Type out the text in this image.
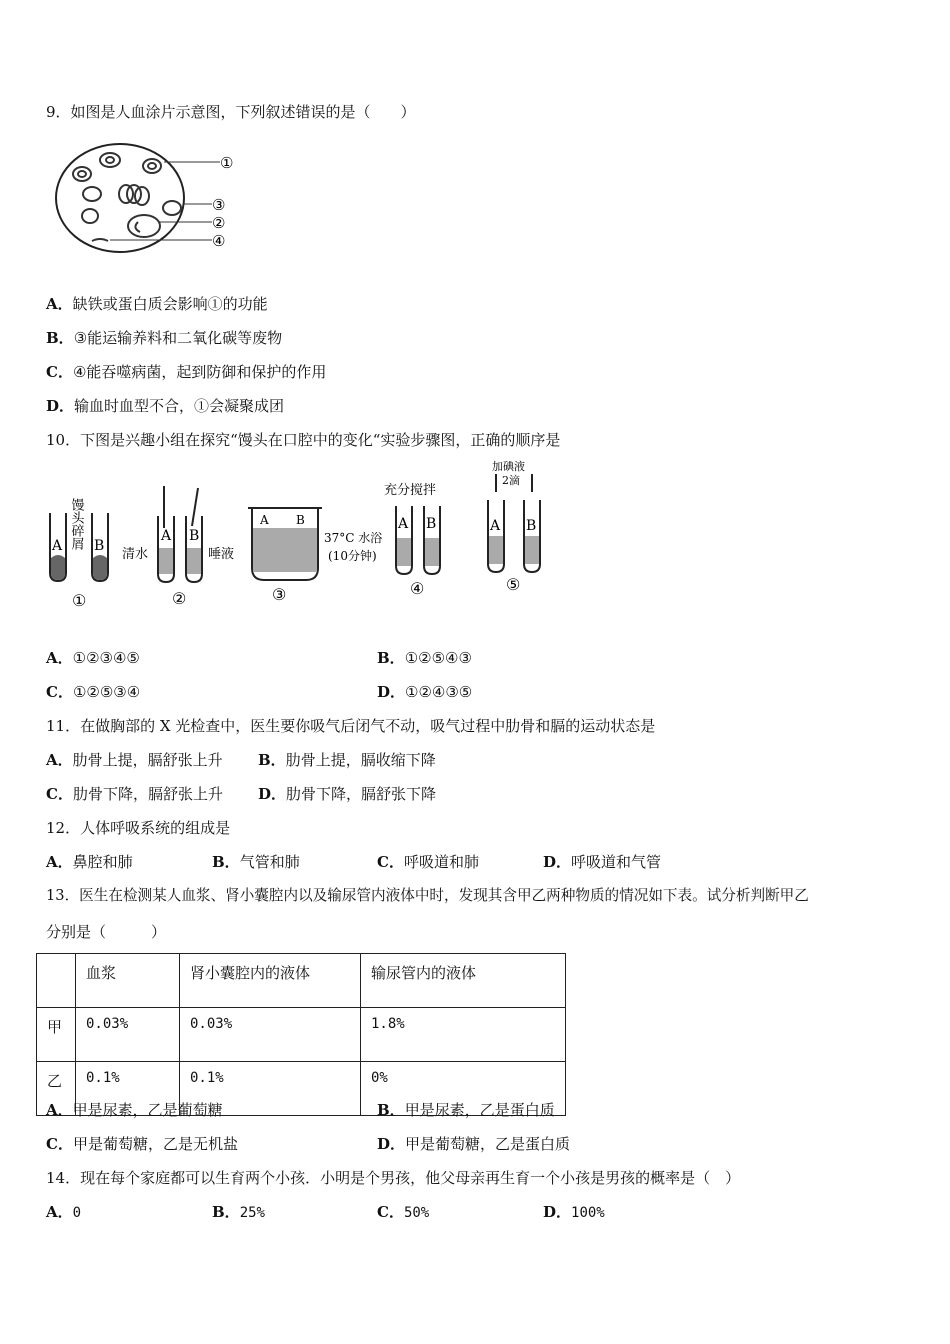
9．如图是人血涂片示意图，下列叙述错误的是（　　）
①
③
②
④
A．缺铁或蛋白质会影响①的功能
B．③能运输养料和二氧化碳等废物
C．④能吞噬病菌，起到防御和保护的作用
D．输血时血型不合，①会凝聚成团
10．下图是兴趣小组在探究“馒头在口腔中的变化“实验步骤图，正确的顺序是
A B
馒头碎屑	A B
清水	唾液
A B
37°C 水浴
(10分钟)
充分搅拌
A B
加碘液
2滴
A B
①	②	③	④	⑤
A．①②③④⑤	B．①②⑤④③
C．①②⑤③④	D．①②④③⑤
11．在做胸部的 X 光检查中，医生要你吸气后闭气不动，吸气过程中肋骨和膈的运动状态是
A．肋骨上提，膈舒张上升 B．肋骨上提，膈收缩下降
C．肋骨下降，膈舒张上升 D．肋骨下降，膈舒张下降
12．人体呼吸系统的组成是
A．鼻腔和肺	B．气管和肺	C．呼吸道和肺	D．呼吸道和气管
13．医生在检测某人血浆、肾小囊腔内以及输尿管内液体中时，发现其含甲乙两种物质的情况如下表。试分析判断甲乙
分别是（　　　）
	血浆	肾小囊腔内的液体	输尿管内的液体
甲	0.03%	0.03%	1.8%
乙	0.1%	0.1%	0%
A．甲是尿素，乙是葡萄糖	B．甲是尿素，乙是蛋白质
C．甲是葡萄糖，乙是无机盐	D．甲是葡萄糖，乙是蛋白质
14．现在每个家庭都可以生育两个小孩．小明是个男孩，他父母亲再生育一个小孩是男孩的概率是（　）
A．0	B．25%	C．50%	D．100%
